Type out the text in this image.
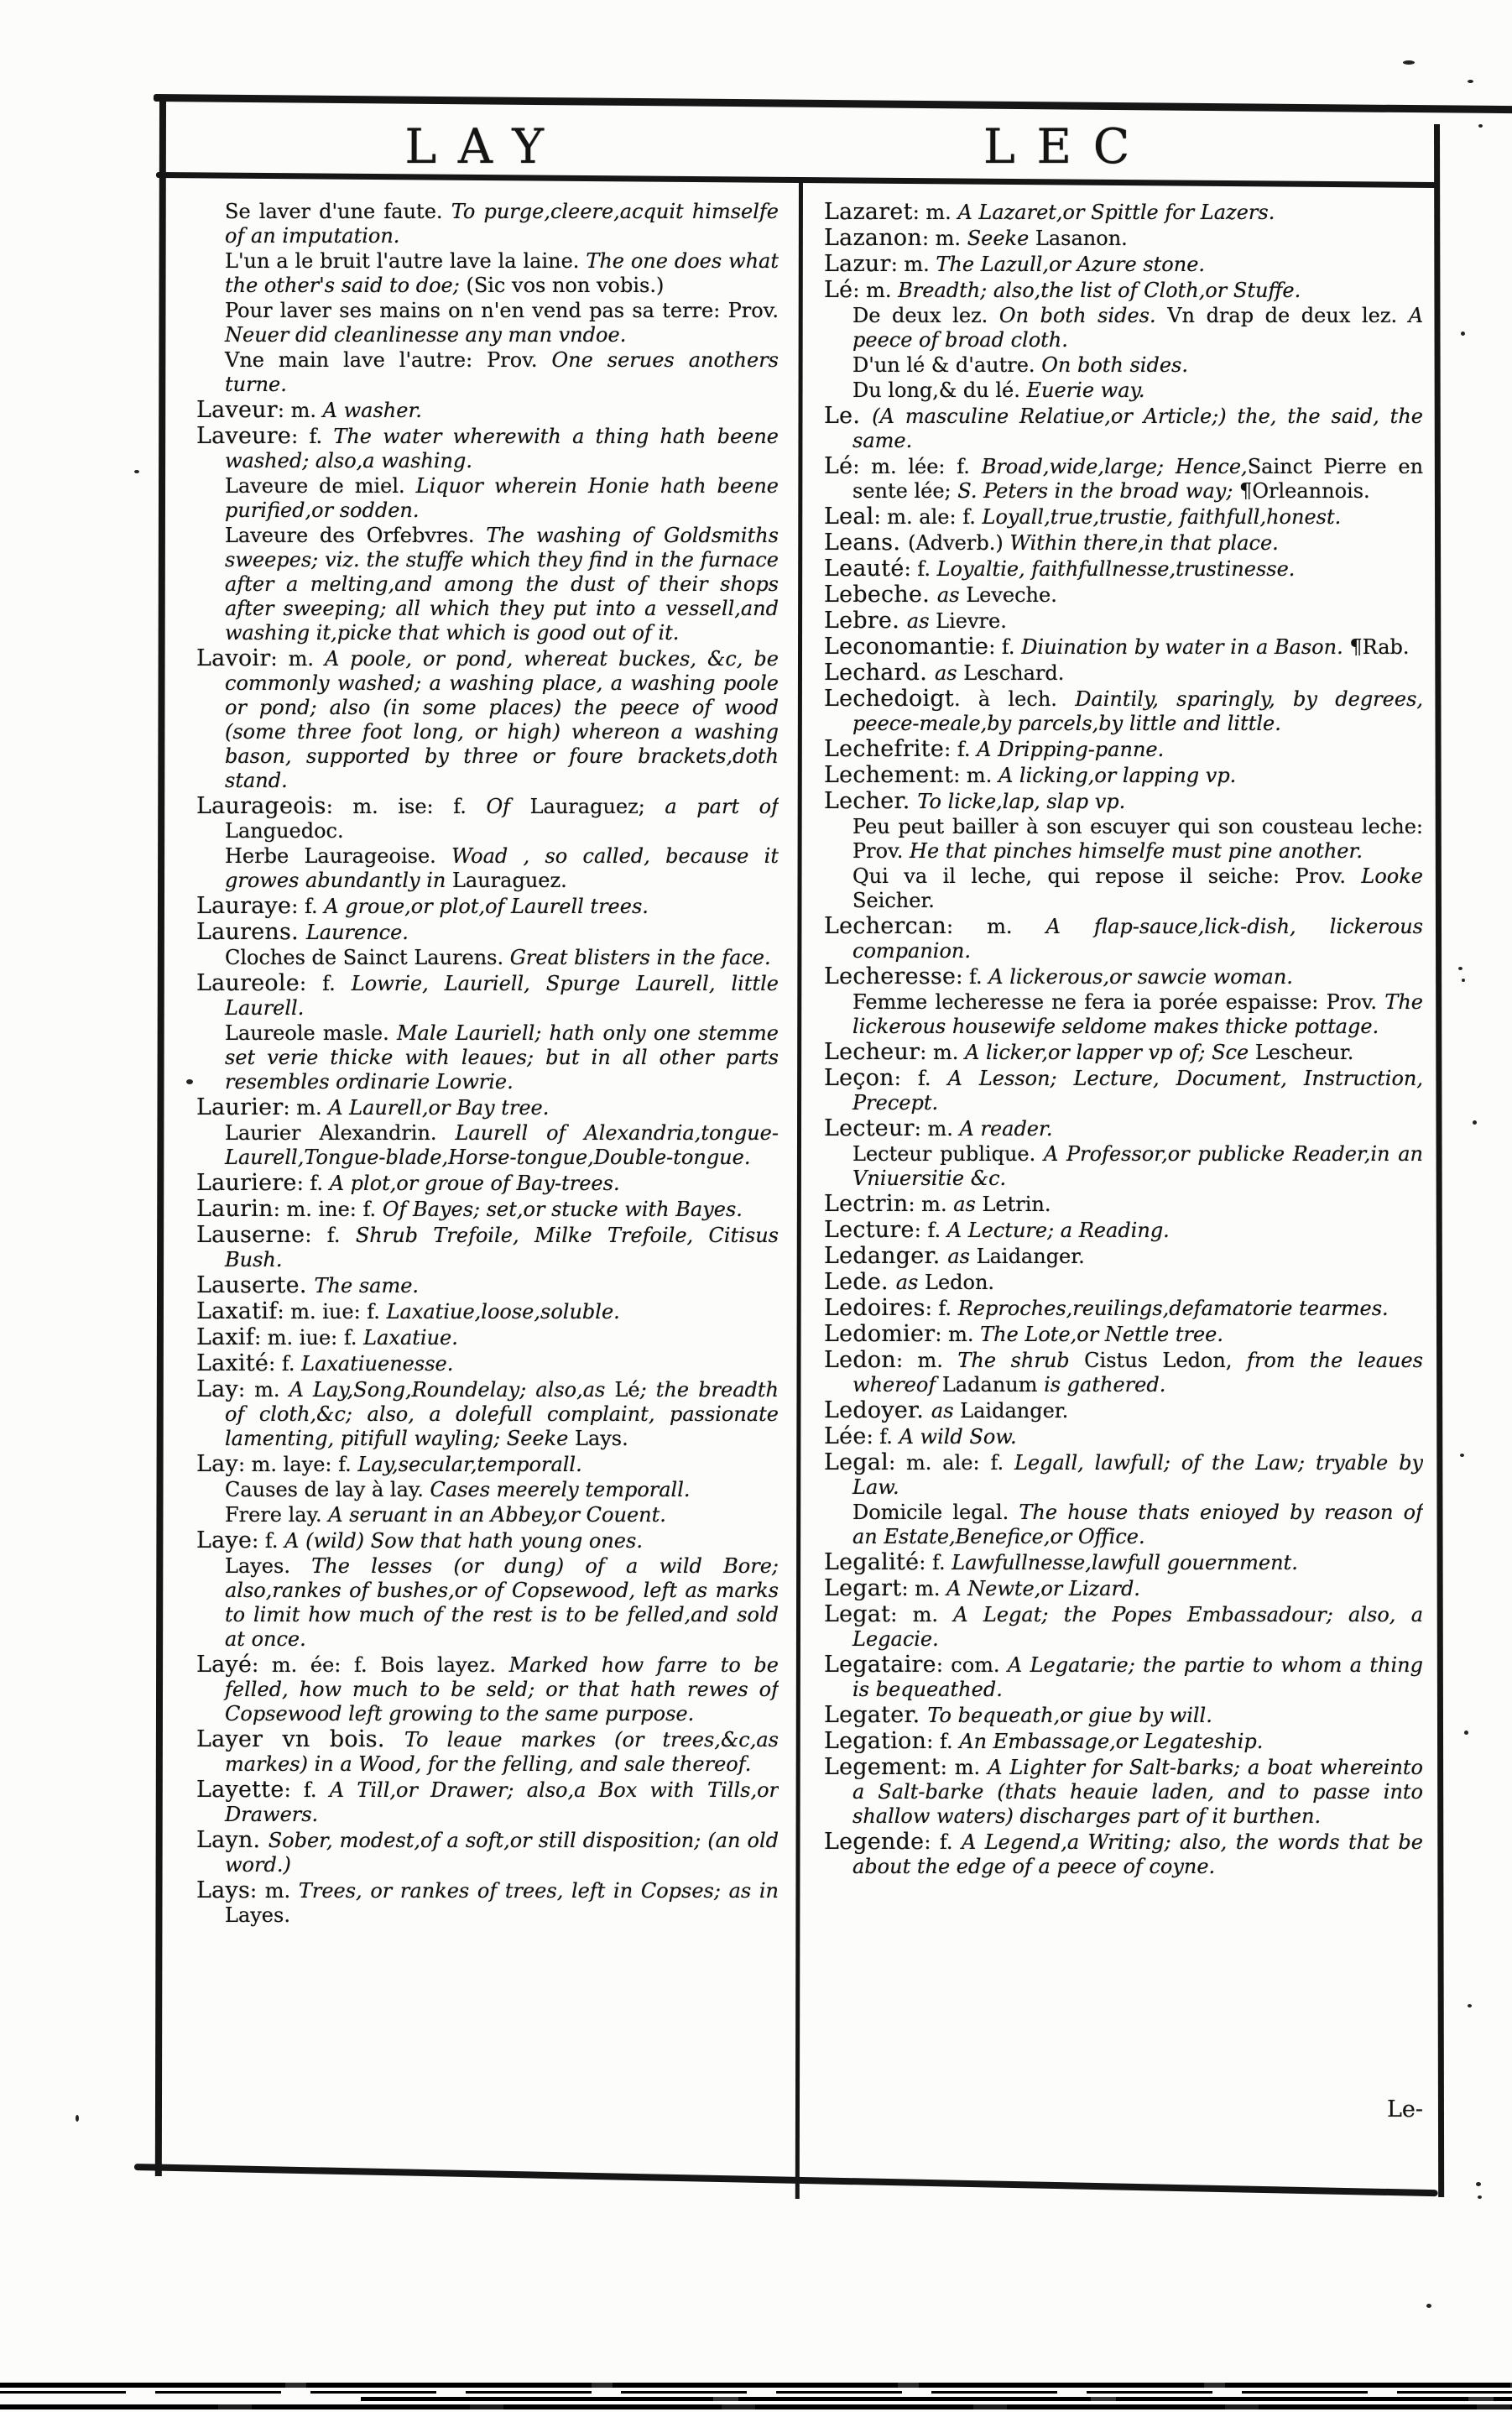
LAY	LEC

Se laver d'une faute. To purge,cleere,acquit himselfe of an imputation.

L'un a le bruit l'autre lave la laine. The one does what the other's said to doe; (Sic vos non vobis.)

Pour laver ses mains on n'en vend pas sa terre: Prov. Neuer did cleanlinesse any man vndoe.

Vne main lave l'autre: Prov. One serues anothers turne.

Laveur: m. A washer.

Laveure: f. The water wherewith a thing hath beene washed; also,a washing.

Laveure de miel. Liquor wherein Honie hath beene purified,or sodden.

Laveure des Orfebvres. The washing of Goldsmiths sweepes; viz. the stuffe which they find in the furnace after a melting,and among the dust of their shops after sweeping; all which they put into a vessell,and washing it,picke that which is good out of it.

Lavoir: m. A poole, or pond, whereat buckes, &c, be commonly washed; a washing place, a washing poole or pond; also (in some places) the peece of wood (some three foot long, or high) whereon a washing bason, supported by three or foure brackets,doth stand.

Laurageois: m. ise: f. Of Lauraguez; a part of Languedoc.

Herbe Laurageoise. Woad , so called, because it growes abundantly in Lauraguez.

Lauraye: f. A groue,or plot,of Laurell trees.

Laurens. Laurence.

Cloches de Sainct Laurens. Great blisters in the face.

Laureole: f. Lowrie, Lauriell, Spurge Laurell, little Laurell.

Laureole masle. Male Lauriell; hath only one stemme set verie thicke with leaues; but in all other parts resembles ordinarie Lowrie.

Laurier: m. A Laurell,or Bay tree.

Laurier Alexandrin. Laurell of Alexandria,tongue-Laurell,Tongue-blade,Horse-tongue,Double-tongue.

Lauriere: f. A plot,or groue of Bay-trees.

Laurin: m. ine: f. Of Bayes; set,or stucke with Bayes.

Lauserne: f. Shrub Trefoile, Milke Trefoile, Citisus Bush.

Lauserte. The same.

Laxatif: m. iue: f. Laxatiue,loose,soluble.

Laxif: m. iue: f. Laxatiue.

Laxité: f. Laxatiuenesse.

Lay: m. A Lay,Song,Roundelay; also,as Lé; the breadth of cloth,&c; also, a dolefull complaint, passionate lamenting, pitifull wayling; Seeke Lays.

Lay: m. laye: f. Lay,secular,temporall.

Causes de lay à lay. Cases meerely temporall.

Frere lay. A seruant in an Abbey,or Couent.

Laye: f. A (wild) Sow that hath young ones.

Layes. The lesses (or dung) of a wild Bore; also,rankes of bushes,or of Copsewood, left as marks to limit how much of the rest is to be felled,and sold at once.

Layé: m. ée: f. Bois layez. Marked how farre to be felled, how much to be seld; or that hath rewes of Copsewood left growing to the same purpose.

Layer vn bois. To leaue markes (or trees,&c,as markes) in a Wood, for the felling, and sale thereof.

Layette: f. A Till,or Drawer; also,a Box with Tills,or Drawers.

Layn. Sober, modest,of a soft,or still disposition; (an old word.)

Lays: m. Trees, or rankes of trees, left in Copses; as in Layes.

Lazaret: m. A Lazaret,or Spittle for Lazers.

Lazanon: m. Seeke Lasanon.

Lazur: m. The Lazull,or Azure stone.

Lé: m. Breadth; also,the list of Cloth,or Stuffe.

De deux lez. On both sides. Vn drap de deux lez. A peece of broad cloth.

D'un lé & d'autre. On both sides.

Du long,& du lé. Euerie way.

Le. (A masculine Relatiue,or Article;) the, the said, the same.

Lé: m. lée: f. Broad,wide,large; Hence,Sainct Pierre en sente lée; S. Peters in the broad way; ¶Orleannois.

Leal: m. ale: f. Loyall,true,trustie, faithfull,honest.

Leans. (Adverb.) Within there,in that place.

Leauté: f. Loyaltie, faithfullnesse,trustinesse.

Lebeche. as Leveche.

Lebre. as Lievre.

Leconomantie: f. Diuination by water in a Bason. ¶Rab.

Lechard. as Leschard.

Lechedoigt. à lech. Daintily, sparingly, by degrees, peece-meale,by parcels,by little and little.

Lechefrite: f. A Dripping-panne.

Lechement: m. A licking,or lapping vp.

Lecher. To licke,lap, slap vp.

Peu peut bailler à son escuyer qui son cousteau leche: Prov. He that pinches himselfe must pine another.

Qui va il leche, qui repose il seiche: Prov. Looke Seicher.

Lechercan: m. A flap-sauce,lick-dish, lickerous companion.

Lecheresse: f. A lickerous,or sawcie woman.

Femme lecheresse ne fera ia porée espaisse: Prov. The lickerous housewife seldome makes thicke pottage.

Lecheur: m. A licker,or lapper vp of; Sce Lescheur.

Leçon: f. A Lesson; Lecture, Document, Instruction, Precept.

Lecteur: m. A reader.

Lecteur publique. A Professor,or publicke Reader,in an Vniuersitie &c.

Lectrin: m. as Letrin.

Lecture: f. A Lecture; a Reading.

Ledanger. as Laidanger.

Lede. as Ledon.

Ledoires: f. Reproches,reuilings,defamatorie tearmes.

Ledomier: m. The Lote,or Nettle tree.

Ledon: m. The shrub Cistus Ledon, from the leaues whereof Ladanum is gathered.

Ledoyer. as Laidanger.

Lée: f. A wild Sow.

Legal: m. ale: f. Legall, lawfull; of the Law; tryable by Law.

Domicile legal. The house thats enioyed by reason of an Estate,Benefice,or Office.

Legalité: f. Lawfullnesse,lawfull gouernment.

Legart: m. A Newte,or Lizard.

Legat: m. A Legat; the Popes Embassadour; also, a Legacie.

Legataire: com. A Legatarie; the partie to whom a thing is bequeathed.

Legater. To bequeath,or giue by will.

Legation: f. An Embassage,or Legateship.

Legement: m. A Lighter for Salt-barks; a boat whereinto a Salt-barke (thats heauie laden, and to passe into shallow waters) discharges part of it burthen.

Legende: f. A Legend,a Writing; also, the words that be about the edge of a peece of coyne.

Le-
